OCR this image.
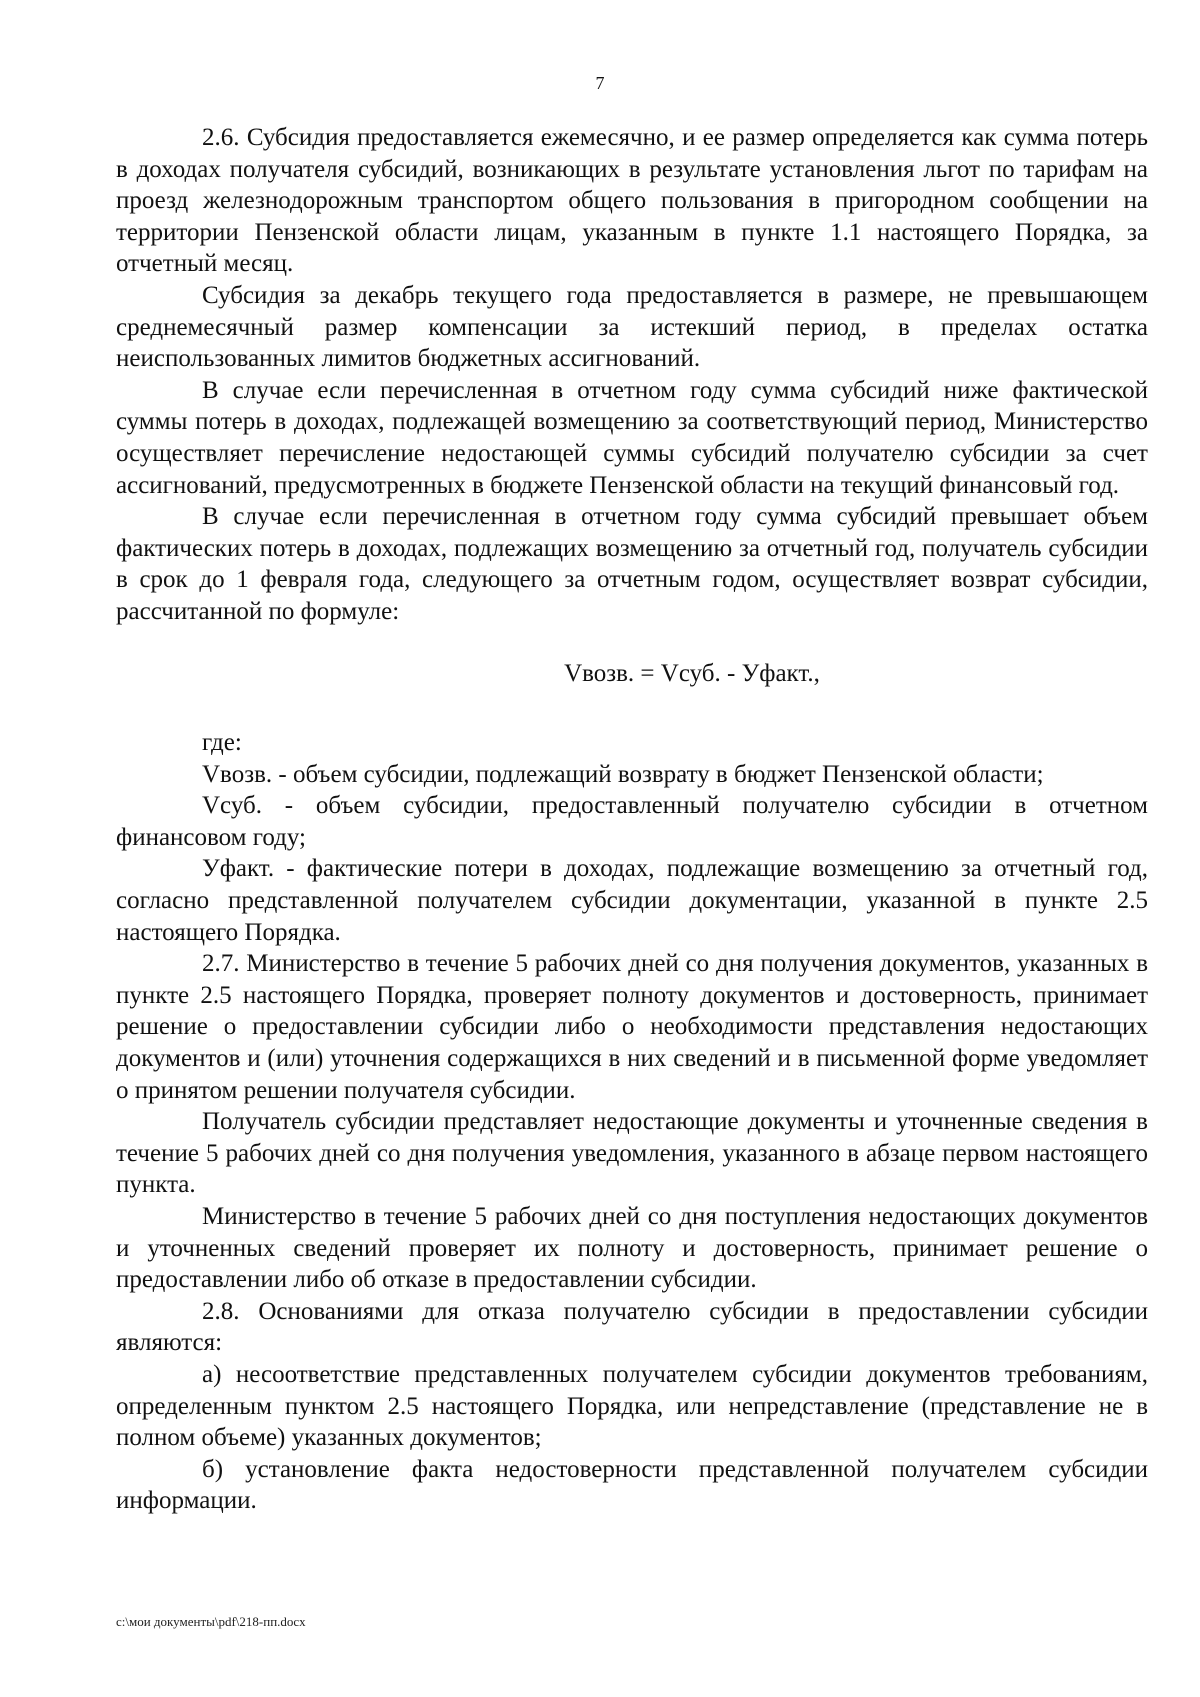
7

2.6. Субсидия предоставляется ежемесячно, и ее размер определяется как сумма потерь в доходах получателя субсидий, возникающих в результате установления льгот по тарифам на проезд железнодорожным транспортом общего пользования в пригородном сообщении на территории Пензенской области лицам, указанным в пункте 1.1 настоящего Порядка, за отчетный месяц.

Субсидия за декабрь текущего года предоставляется в размере, не превышающем среднемесячный размер компенсации за истекший период, в пределах остатка неиспользованных лимитов бюджетных ассигнований.

В случае если перечисленная в отчетном году сумма субсидий ниже фактической суммы потерь в доходах, подлежащей возмещению за соответствующий период, Министерство осуществляет перечисление недостающей суммы субсидий получателю субсидии за счет ассигнований, предусмотренных в бюджете Пензенской области на текущий финансовый год.

В случае если перечисленная в отчетном году сумма субсидий превышает объем фактических потерь в доходах, подлежащих возмещению за отчетный год, получатель субсидии в срок до 1 февраля года, следующего за отчетным годом, осуществляет возврат субсидии, рассчитанной по формуле:

Vвозв. = Vсуб. - Уфакт.,

где:

Vвозв. - объем субсидии, подлежащий возврату в бюджет Пензенской области;

Vсуб. - объем субсидии, предоставленный получателю субсидии в отчетном финансовом году;

Уфакт. - фактические потери в доходах, подлежащие возмещению за отчетный год, согласно представленной получателем субсидии документации, указанной в пункте 2.5 настоящего Порядка.

2.7. Министерство в течение 5 рабочих дней со дня получения документов, указанных в пункте 2.5 настоящего Порядка, проверяет полноту документов и достоверность, принимает решение о предоставлении субсидии либо о необходимости представления недостающих документов и (или) уточнения содержащихся в них сведений и в письменной форме уведомляет о принятом решении получателя субсидии.

Получатель субсидии представляет недостающие документы и уточненные сведения в течение 5 рабочих дней со дня получения уведомления, указанного в абзаце первом настоящего пункта.

Министерство в течение 5 рабочих дней со дня поступления недостающих документов и уточненных сведений проверяет их полноту и достоверность, принимает решение о предоставлении либо об отказе в предоставлении субсидии.

2.8. Основаниями для отказа получателю субсидии в предоставлении субсидии являются:

а) несоответствие представленных получателем субсидии документов требованиям, определенным пунктом 2.5 настоящего Порядка, или непредставление (представление не в полном объеме) указанных документов;

б) установление факта недостоверности представленной получателем субсидии информации.

c:\мои документы\pdf\218-пп.docx
